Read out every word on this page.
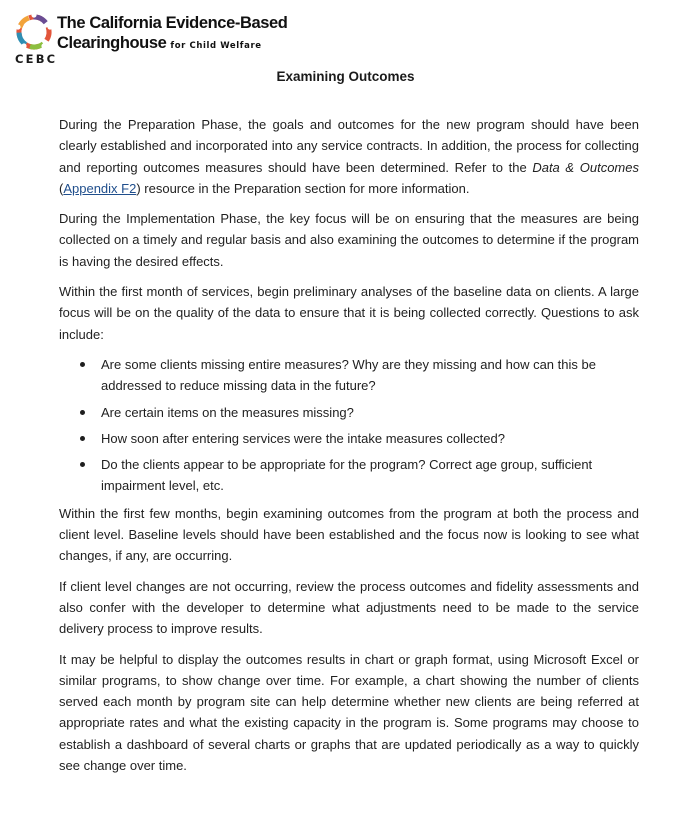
The California Evidence-Based
Clearinghouse for Child Welfare
CEBC
Examining Outcomes

During the Preparation Phase, the goals and outcomes for the new program should have been clearly established and incorporated into any service contracts. In addition, the process for collecting and reporting outcomes measures should have been determined. Refer to the Data & Outcomes (Appendix F2) resource in the Preparation section for more information.

During the Implementation Phase, the key focus will be on ensuring that the measures are being collected on a timely and regular basis and also examining the outcomes to determine if the program is having the desired effects.

Within the first month of services, begin preliminary analyses of the baseline data on clients. A large focus will be on the quality of the data to ensure that it is being collected correctly. Questions to ask include:

Are some clients missing entire measures? Why are they missing and how can this be addressed to reduce missing data in the future?
Are certain items on the measures missing?
How soon after entering services were the intake measures collected?
Do the clients appear to be appropriate for the program? Correct age group, sufficient impairment level, etc.

Within the first few months, begin examining outcomes from the program at both the process and client level. Baseline levels should have been established and the focus now is looking to see what changes, if any, are occurring.

If client level changes are not occurring, review the process outcomes and fidelity assessments and also confer with the developer to determine what adjustments need to be made to the service delivery process to improve results.

It may be helpful to display the outcomes results in chart or graph format, using Microsoft Excel or similar programs, to show change over time. For example, a chart showing the number of clients served each month by program site can help determine whether new clients are being referred at appropriate rates and what the existing capacity in the program is. Some programs may choose to establish a dashboard of several charts or graphs that are updated periodically as a way to quickly see change over time.
